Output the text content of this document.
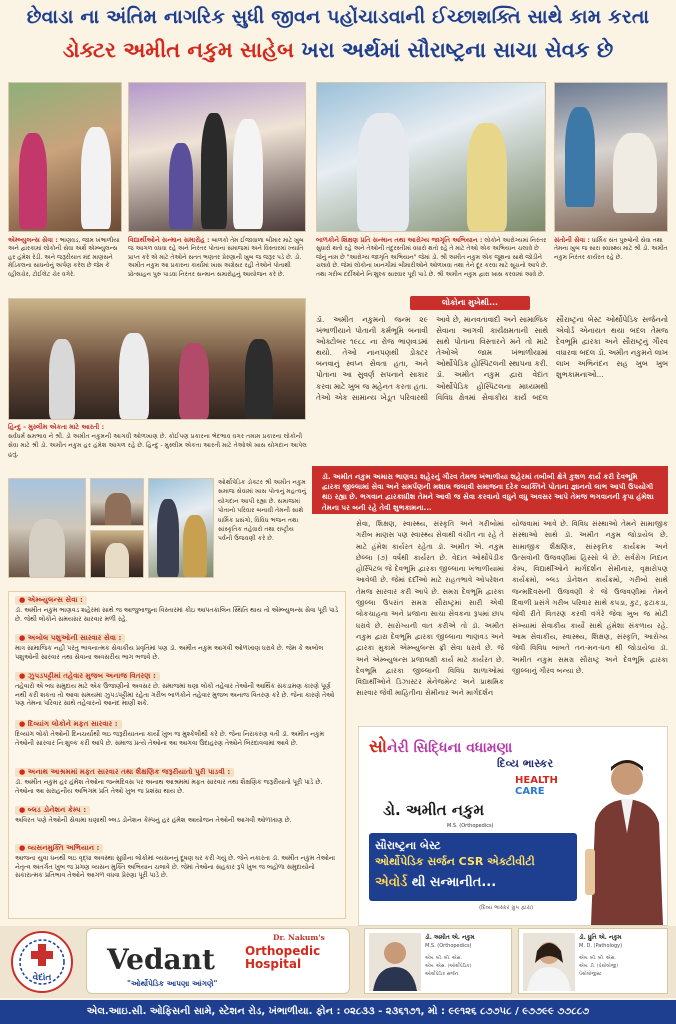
છેવાડા ના અંતિમ નાગરિક સુધી જીવન પહોંચાડવાની ઈચ્છાશક્તિ સાથે કામ કરતા
ડોક્ટર અમીત નકુમ સાહેબ ખરા અર્થમાં સૌરાષ્ટ્રના સાચા સેવક છે
એમ્બ્યુલન્સ સેવા : ભાણવડ, જામ ખંભાળીયા અને દ્વારકામાં લોકોની સેવા અર્થે એમ્બ્યુલન્સ હર હંમેશ રેડી. અને જરૂરીયાત મંદ માણસને મેડિકલના સાધનોનું અર્પણ કરેલ છે જેમ કે વ્હીલચેર, ટોઈલેટ ચેર વગેરે.
વિદ્યાર્થીઓને સન્માન સમારોહ : બાળકો તેમ ઈજાવાળા બીમાર માટે ખુબ જ આગળ વધવા રહે અને નિરંતર પોતાના સમાજમાં અને વિસ્તારમાં ખ્યાતિ પ્રાપ્ત કરે એ માટે તેઓને સતત ભણતર પ્રેરણાની ખુબ જ જરૂર પડે છે. ડો. અમીત નકુમ આ પ્રકારના કાર્યોમાં ખાસ અગ્રેસર રહી તેઓને પોતાથી પ્રોત્સાહન પુરું પાડવા નિરંતર સન્માન સમારોહનું આયોજન કરે છે.
બાળકોને શિક્ષણ પ્રતિ સન્માન તથા આરોગ્ય જાગૃતિ અભિયાન : લોકોને આરોગ્યમાં નિરંતર સુધારો થતો રહે અને તેઓની તંદુરસ્તીમાં વધારો થતો રહે તે માટે તેઓ એક અભિયાન ચલાવે છે જેનું નામ છે "આરોગ્ય જાગૃતિ અભિયાન" જેમાં ડો. શ્રી અમીત નકુમ એક જૂથના સાથે જોડીને ચલાવે છે. જેમાં લોકોના ખાનગીમાં બીમારીઓને ઓળખવા તથા તેને દૂર કરવા માટે સૂચનો આપે છે. તથા ગરીબ દર્દીઓને નિઃશુલ્ક સારવાર પૂરી પાડે છે. શ્રી અમીત નકુમ દ્વારા ખાસ કરવામાં આવે છે.
સંતોની સેવા : ધાર્મિક સંત પુરુષોની સેવા તથા તેમના ખુબ જ સારા સ્વાસ્થ્ય માટે શ્રી ડો. અમીત નકુમ નિરંતર કાર્યરત રહે છે.
હિન્દુ - મુસ્લીમ એકતા માટે આરતી :
સર્વધર્મ સમભાવ ને શ્રી. ડો અમીત નકુમની આગવી ઓળખાણ છે. કોઈપણ પ્રકારના ભેદભાવ વગર તમામ પ્રકારના લોકોની સેવા માટે શ્રી ડો. અમીત નકુમ હર હંમેશ આગળ રહે છે. હિન્દુ - મુસ્લીમ એકતા આરતી માટે તેઓએ ખાસ યોગદાન આપેલ હતું.
ઓર્થોપેડિક ડોક્ટર શ્રી અમીત નકુમ સમાજ સેવામાં ખાસ પોતાનું મહત્વનું યોગદાન આપી રહ્યા છે. સમાજમાં પોતાનો પરિવાર બનાવી તેમની સાથે ધાર્મિક પ્રસંગો, વિવિધ ભજન તથા સાંસ્કૃતિક તહેવારો તથા રાષ્ટ્રીય પર્વની ઉજવણી કરે છે.
લોકોના મુખેથી...
ડૉ. અમીત નકુમનો જન્મ ૨૯ ખંભાળીયાને પોતાની કર્મભૂમિ બનાવી ઓક્ટોબર ૧૯૮૮ ના રોજ ભાણવડમાં થયો. તેઓ નાનપણથી ડોક્ટર બનવાનું સ્વપ્ન સેવતા હતા, અને પોતાના આ સુવર્ણ સપનાને સાકાર કરવા માટે ખુબ જ મહેનત કરતા હતા. તેઓ એક સામાન્ય ખેડૂત પરિવારથી આવે છે, માનવતાવાદી અને સામાજિક સેવાના આગવી કાર્યક્ષમતાની સાથે સાથે પોતાના વિસ્તારને મને તો માટે તેઓએ જામ ખંભાળીયામાં ઓર્થોપેડિક હોસ્પિટલની સ્થાપના કરી. ડૉ. અમીત નકુમ દ્વારા વેદાંત ઓર્થોપેડિક હોસ્પિટલના માધ્યમથી વિવિધ ક્ષેત્રમાં સેવાકીય કાર્ય બદલ સૌરાષ્ટ્રના બેસ્ટ ઓર્થોપેડિક સર્જનનો એવોર્ડ એનાયત થયા બદલ તેમજ દેવભૂમિ દ્વારકા અને સૌરાષ્ટ્રનું ગૌરવ વધારવા બદલ ડૉ. અમીત નકુમને લાખ લાખ અભિનંદન સહ ખુબ ખુબ શુભકામનાઓ...
ડૉ. અમીત નકુમ અમારા ભાણવડ શહેરનું ગૌરવ તેમજ ખંભાળીયા શહેરમાં તબીબી ક્ષેત્રે કુશળ કાર્ય કરી દેવભૂમિ દ્વારકા જીલ્લામાં સેવા અને સમર્પણની મશાલ જલાવી સમાજના દરેક વ્યક્તિને પોતાના જ્ઞાનનો લાભ આપી ઉપયોગી થઇ રહ્યા છે. ભગવાન દ્વારકાધીશ તેમને આવી જ સેવા કરવાનો વધુને વધુ અવસર આપે તેમજ ભગવાનની કૃપા હંમેશા તેમના પર બની રહે તેવી શુભકામના...
સેવા, શિક્ષણ, સ્વાસ્થ્ય, સંસ્કૃતિ અને ગરીબોમાં ગરીબ માણસ પણ સ્વાસ્થ્ય સેવાથી વંચીત ના રહે તે માટે હંમેશ કાર્યરત રહેતા ડૉ. અમીત એ. નકુમ છેલ્લા (૭) વર્ષથી કાર્યરત છે. વેદાંત ઓર્થોપેડીક હોસ્પિટલ જે દેવભૂમિ દ્વારકા જીલ્લાના ખંભાળીયામાં આવેલી છે. જેમાં દર્દીઓ માટે રાહતભાવે ઓપરેશન તેમજ સારવાર કરી આપે છે. સમગ્ર દેવભૂમિ દ્વારકા જીલ્લા ઉપરાંત સમગ્ર સૌરાષ્ટ્રમાં સારી એવી લોકચાહના અને પ્રજાના સાચા સેવકના રૂપમાં છાપ ધરાવે છે. સારોગ્યની વાત કરીએ તો ડૉ. અમીત નકુમ દ્વારા દેવભૂમિ દ્વારકા જીલ્લાના ભાણવડ અને દ્વારકા મુકામે એમ્બ્યુલન્સ ફ્રી સેવા ધરાવે છે. જે અને એમ્બ્યુલન્સ પ્રજાલક્ષી કાર્ય માટે કાર્યરત છે. દેવભૂમિ દ્વારકા જીલ્લાની વિવિધ શાળાઓમાં વિદ્યાર્થીઓને ડિઝાસ્ટર મેનેજમેન્ટ અને પ્રાથમિક સારવાર જેવી માહિતીના સેમીનાર અને માર્ગદર્શન
યોજવામાં આવે છે. વિવિધ સંસ્થાઓ તેમને સામાજીક સંસ્થાઓ સાથે ડૉ. અમીત નકુમ જોડાયેલ છે. સામાજીક શૈક્ષણિક, સાંસ્કૃતિક કાર્યક્રમ અને ઉત્સવોની ઉજવણીમાં હિસ્સો લે છે. સર્વરોગ નિદાન કેમ્પ, વિદ્યાર્થીઓને માર્ગદર્શન સેમીનાર, વૃક્ષારોપણ કાર્યક્રમો, બ્લડ ડોનેશન કાર્યક્રમો, ગરીબો સાથે જન્મદિવસની ઉજવણી કે જે ઉજવણીમાં તેમને દિવાળી પ્રસંગે ગરીબ પરિવાર સાથે કપડા, કુટ, ફટાકડા, જેવી રીતે વિતરણ કરવી વગેરે જેવા ખુબ જ મોટી સંખ્યામાં સેવાકીય કાર્યો સાથે હંમેશા સંકળાય રહે. આમ સેવાકીય, સ્વાસ્થ્ય, શિક્ષણ, સંસ્કૃતિ, આરોગ્ય જેવી વિવિધ બાબતે તન-મન-ધન થી જોડાયેલા ડૉ. અમીત નકુમ સમગ્ર સૌરાષ્ટ્ર અને દેવભૂમિ દ્વારકા જીલ્લાનું ગૌરવ બન્યા છે.
● એમ્બ્યુલન્સ સેવા :
ડૉ. અમીત નકુમ ભાણવડ શહેરમાં સાથે જ આજુબાજુના વિસ્તારમાં કોઇ આપતકાલિન સ્થિતિ થાય તો એમ્બ્યુલન્સ સેવા પૂરી પાડે છે. જેથી લોકોને સમયસર સારવાર મળી રહે.
● અબોલ પશુઓની સારવાર સેવા :
માત્ર સામાજિક નહી પરંતુ ભાવનાત્મક સેવાકીય પ્રવૃતિમાં પણ ડૉ. અમીત નકુમ આગવી ઓળખાણ ધરાવે છે. જેમ કે અબોલ પશુઓની સારવાર તથા સેવાના અવસરીય ભાગ ભજવે છે.
● ઝુપડપટ્ટીમાં તહેવાર મુજબ અનાજ વિતરણ :
તહેવારો એ બધ સમુદાય માટે એક ઉજાણીનો અવસર છે. સમાજમાં ઘણા લોકો તહેવાર તેઓની આર્થિક સંકડામણ કારણે પૂર્ણ નથી કરી શકતા તો આવા સમયમાં ઝુપડપટ્ટીમાં રહેતા ગરીબ બાળકોને તહેવાર મુજબ અનાજ વિતરણ કરે છે. જેના કારણે તેઓ પણ તેમના પરિવાર સાથે તહેવારનો આનંદ માણી શકે.
● દિવ્યાંગ લોકોને મફત સારવાર :
દિવ્યાંગ લોકો તેઓની દિનચર્યાથી લઇ જરૂરીયાતના કાર્યો ખુબ જ મુશ્કેલીથી કરે છે. જેના નિરાકરણ વતી ડૉ. અમીત નકુમ તેઓની સારવાર નિઃશુલ્ક કરી આપે છે. સમાજ પ્રત્યે તેઓના આ આગવા ઉદાહરણ તેઓને બિરદાવવામાં આવે છે.
● અનાથ આશ્રમમાં મફત સારવાર તથા શૈક્ષણિક જરૂરીયાતો પુરી પાડવી :
ડૉ. અમીત નકુમ હર હંમેશ તેઓના જન્મદિવસ પર અનાથ આશ્રમમાં મફત સારવાર તથા શૈક્ષણિક જરૂરીયાતો પૂરી પાડે છે. તેઓના આ સરાહનીય અભિગમ પ્રતિ તેઓ ખુબ જ પ્રશંસા થાય છે.
● બ્લડ ડોનેશન કેમ્પ :
અવિરત પણે તેઓની સેવામાં ઘણાથી બ્લડ ડોનેશન કેમ્પનું હર હંમેશ આયોજન તેઓની આગવી ઓળખાણ છે.
● વ્યસનમુક્તિ અભિયાન :
આજના યુવા ધનથી લઇ વૃદ્ધા અવસ્થા સુધીના લોકોમાં વ્યસનનું દૂષણ ઘર કરી ગયું છે. જેને નકારતા ડૉ. અમીત નકુમ તેઓના નેતૃત્વ અંતર્ગત ખુબ જ પ્રગણ વ્યસન મુક્તિ અભિયાન ચલાવે છે. જેમાં તેઓના સહકાર રૂપે ખુબ જ બહોળા સમુદાયોનો સકારાત્મક પ્રતિભાવ તેઓને આગળ વધવા પ્રેરણા પૂરી પાડે છે.
સોનેરી સિદ્ધિના વધામણા
દિવ્ય ભાસ્કર
HEALTH
CARE
ડો. અમીત નકુમ
M.S. (Orthopedics)
સૌરાષ્ટ્રના બેસ્ટ
ઓર્થોપેડિક સર્જન CSR એક્ટીવીટી
એવોર્ડ થી સન્માનીત...
(દિવ્ય ભાસ્કર ગ્રુપ દ્વારા)
વેદાંત
Dr. Nakum's
Vedant	Orthopedic
Hospital
"ઓર્થોપેડિક આપણા આંગણે"
ડૉ. અમીત એ. નકુમ
M.S. (Orthopedics)
એમ. બી. બી. એસ.
એમ. એસ. (ઓર્થોપેડિક)
ઓર્થોપેડિક સર્જન
ડૉ. ધ્રુતિ એ. નકુમ
M. D. (Pathology)
એમ. બી. બી. એસ.
એમ. ડી. (પેથોલોજી)
પેથોલોજીસ્ટ
એલ.આઇ.સી. ઓફિસની સામે, સ્ટેશન રોડ, ખંભાળીયા. ફોન : ૦૨૮૩૩ - ૨૩૬૧૭૧, મો : ૯૯૧૨૬ ૮૭૭૫૮ / ૯૭૭૯૯ ૭૭૮૮૭
